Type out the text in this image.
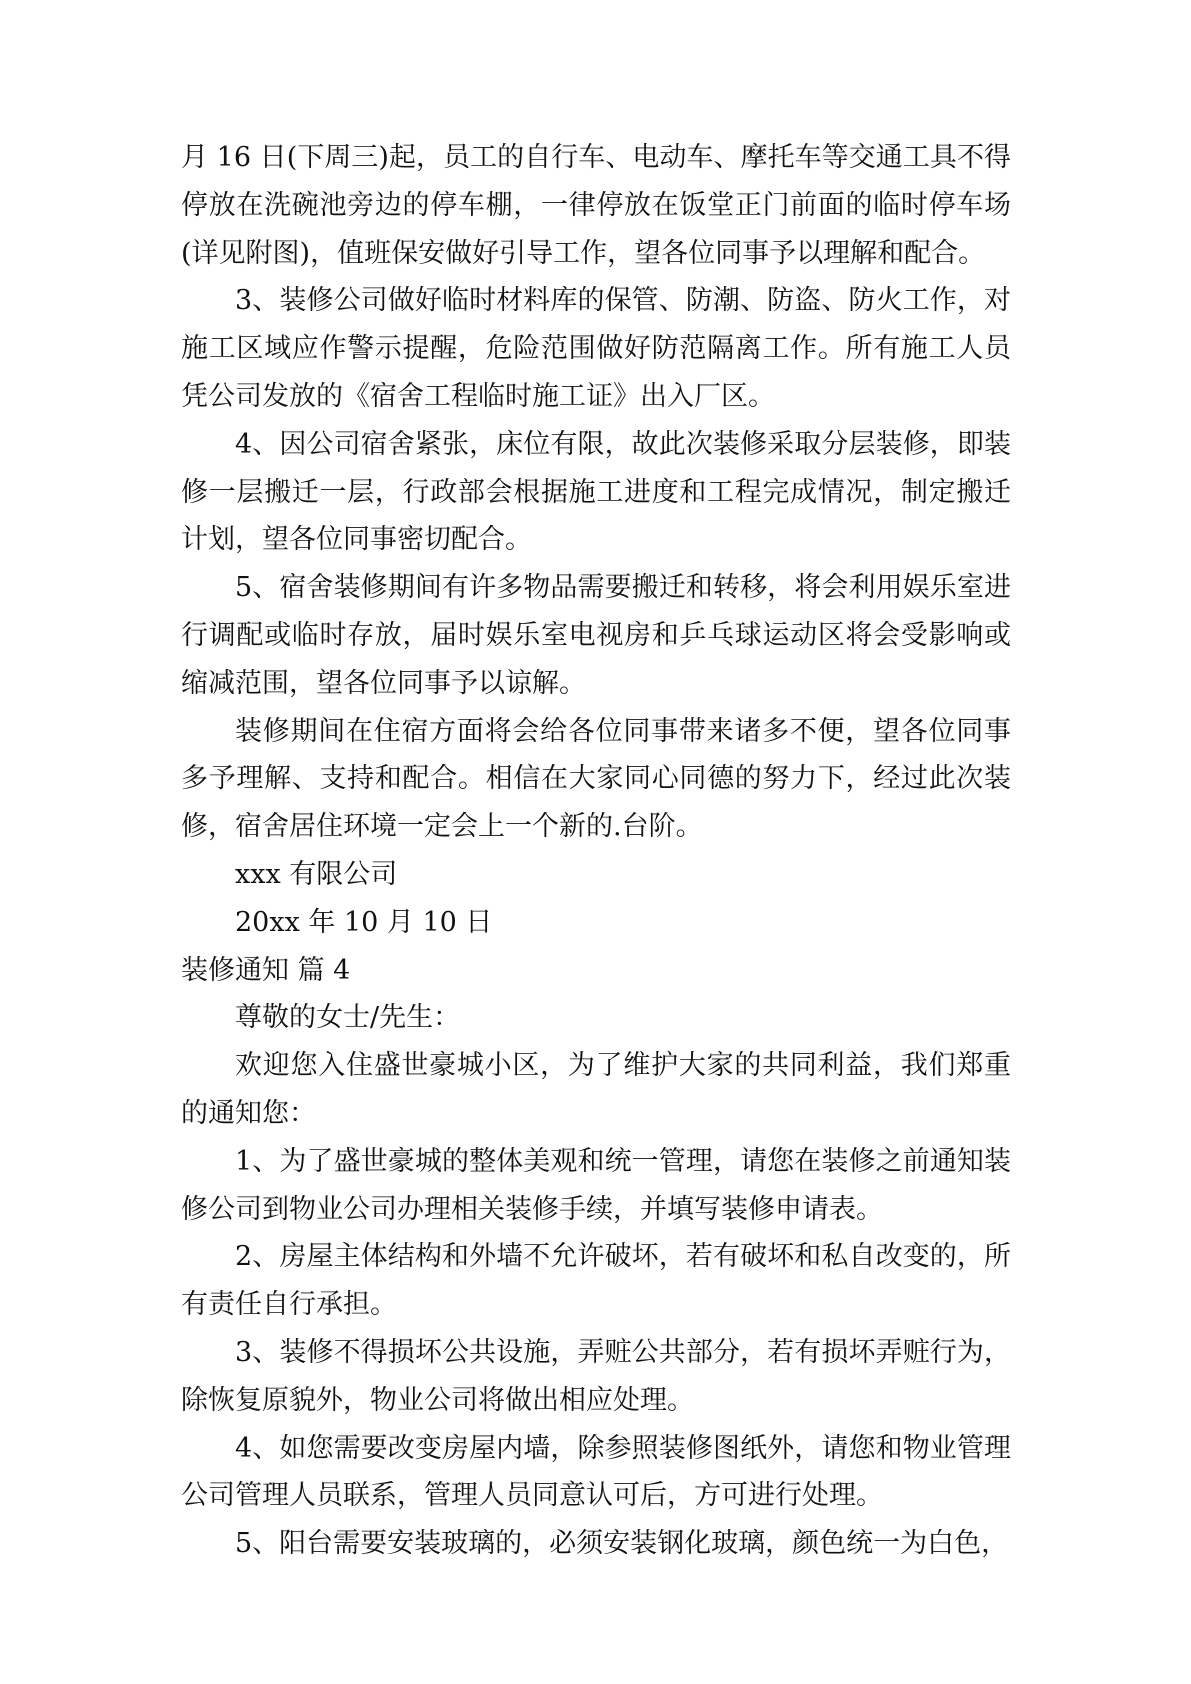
月 16 日(下周三)起，员工的自行车、电动车、摩托车等交通工具不得停放在洗碗池旁边的停车棚，一律停放在饭堂正门前面的临时停车场(详见附图)，值班保安做好引导工作，望各位同事予以理解和配合。

3、装修公司做好临时材料库的保管、防潮、防盗、防火工作，对施工区域应作警示提醒，危险范围做好防范隔离工作。所有施工人员凭公司发放的《宿舍工程临时施工证》出入厂区。

4、因公司宿舍紧张，床位有限，故此次装修采取分层装修，即装修一层搬迁一层，行政部会根据施工进度和工程完成情况，制定搬迁计划，望各位同事密切配合。

5、宿舍装修期间有许多物品需要搬迁和转移，将会利用娱乐室进行调配或临时存放，届时娱乐室电视房和乒乓球运动区将会受影响或缩减范围，望各位同事予以谅解。

装修期间在住宿方面将会给各位同事带来诸多不便，望各位同事多予理解、支持和配合。相信在大家同心同德的努力下，经过此次装修，宿舍居住环境一定会上一个新的.台阶。

xxx 有限公司

20xx 年 10 月 10 日

装修通知 篇 4

尊敬的女士/先生：

欢迎您入住盛世豪城小区，为了维护大家的共同利益，我们郑重的通知您：

1、为了盛世豪城的整体美观和统一管理，请您在装修之前通知装修公司到物业公司办理相关装修手续，并填写装修申请表。

2、房屋主体结构和外墙不允许破坏，若有破坏和私自改变的，所有责任自行承担。

3、装修不得损坏公共设施，弄赃公共部分，若有损坏弄赃行为，除恢复原貌外，物业公司将做出相应处理。

4、如您需要改变房屋内墙，除参照装修图纸外，请您和物业管理公司管理人员联系，管理人员同意认可后，方可进行处理。

5、阳台需要安装玻璃的，必须安装钢化玻璃，颜色统一为白色，
